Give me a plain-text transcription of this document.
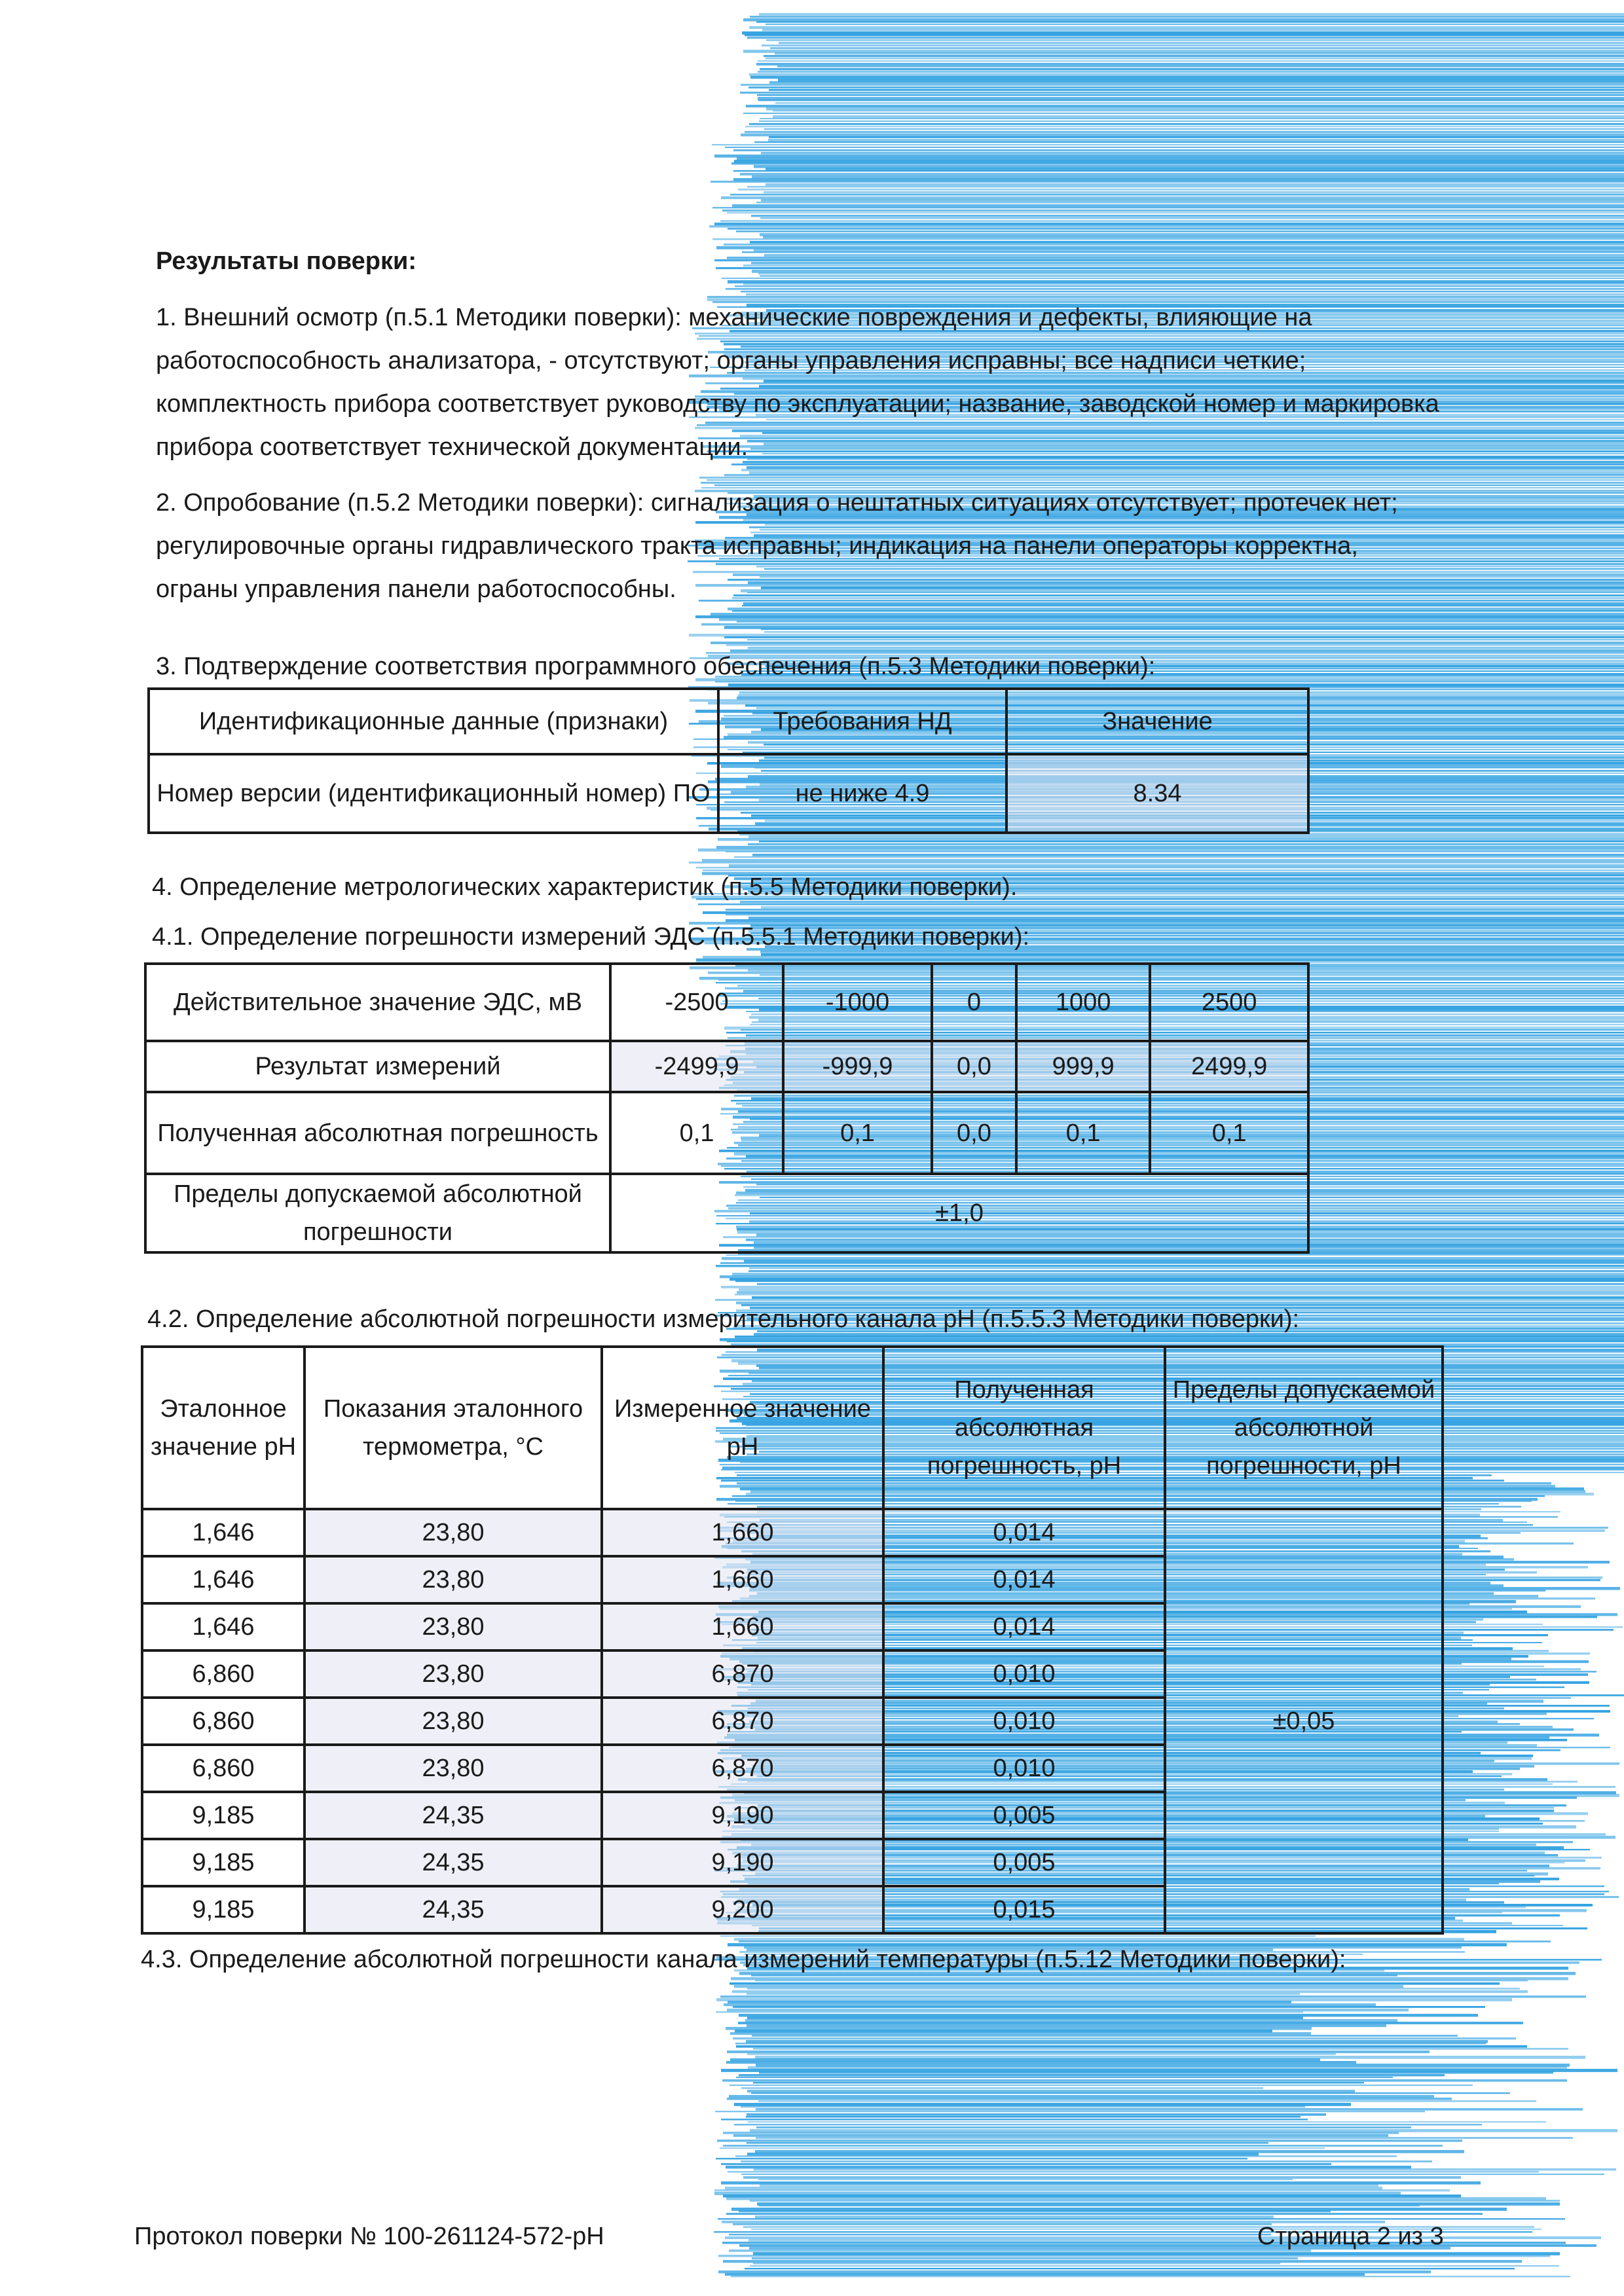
Результаты поверки:
1. Внешний осмотр (п.5.1 Методики поверки): механические повреждения и дефекты, влияющие на работоспособность анализатора, - отсутствуют; органы управления исправны; все надписи четкие; комплектность прибора соответствует руководству по эксплуатации; название, заводской номер и маркировка прибора соответствует технической документации.
2. Опробование (п.5.2 Методики поверки): сигнализация о нештатных ситуациях отсутствует; протечек нет; регулировочные органы гидравлического тракта исправны; индикация на панели операторы корректна, ограны управления панели работоспособны.
3. Подтверждение соответствия программного обеспечения (п.5.3 Методики поверки):
Идентификационные данные (признаки)	Требования НД	Значение
Номер версии (идентификационный номер) ПО	не ниже 4.9	8.34
4. Определение метрологических характеристик (п.5.5 Методики поверки).
4.1. Определение погрешности измерений ЭДС (п.5.5.1 Методики поверки):
Действительное значение ЭДС, мВ	-2500	-1000	0	1000	2500
Результат измерений	-2499,9	-999,9	0,0	999,9	2499,9
Полученная абсолютная погрешность	0,1	0,1	0,0	0,1	0,1
Пределы допускаемой абсолютной погрешности	±1,0				
4.2. Определение абсолютной погрешности измерительного канала pH (п.5.5.3 Методики поверки):
Эталонное значение pH	Показания эталонного термометра, °C	Измеренное значение pH	Полученная абсолютная погрешность, pH	Пределы допускаемой абсолютной погрешности, pH
1,646	23,80	1,660	0,014	±0,05
1,646	23,80	1,660	0,014	
1,646	23,80	1,660	0,014	
6,860	23,80	6,870	0,010	
6,860	23,80	6,870	0,010	
6,860	23,80	6,870	0,010	
9,185	24,35	9,190	0,005	
9,185	24,35	9,190	0,005	
9,185	24,35	9,200	0,015	
4.3. Определение абсолютной погрешности канала измерений температуры (п.5.12 Методики поверки):
Протокол поверки № 100-261124-572-pH	Страница 2 из 3
